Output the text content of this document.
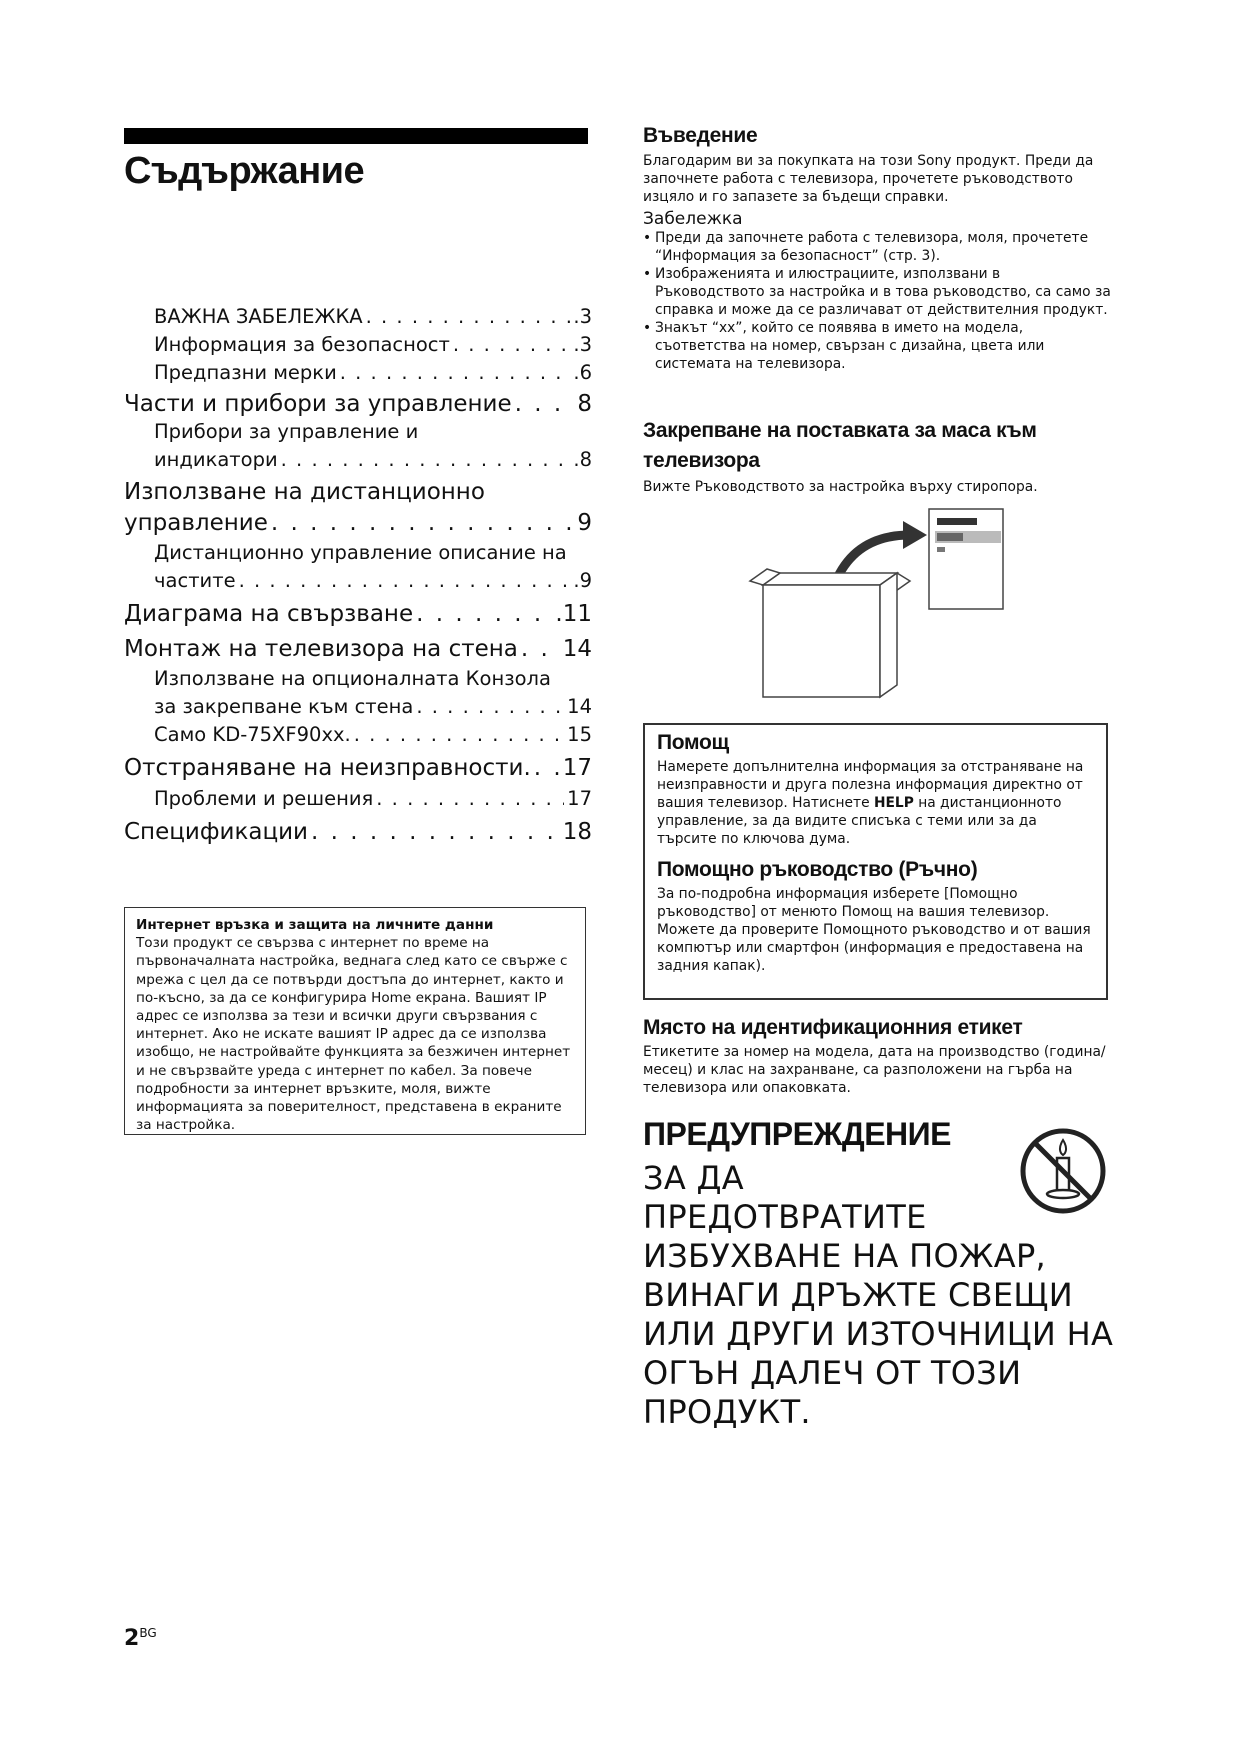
Съдържание
ВАЖНА ЗАБЕЛЕЖКА . . .	.3
Информация за безопасност . . .	.3
Предпазни мерки . . .	.6
Части и прибори за управление . . .	8
Прибори за управление и
индикатори . . .	.8
Използване на дистанционно
управление . . .	9
Дистанционно управление описание на
частите . . .	.9
Диаграма на свързване . . .	.11
Монтаж на телевизора на стена . . . 14
Използване на опционалната Конзола
за закрепване към стена . . .	14
Само KD-75XF90xx. . . .	15
Отстраняване на неизправности. . . . 17
Проблеми и решения . . .	17
Спецификации . . .	18
Интернет връзка и защита на личните данни
Този продукт се свързва с интернет по време на първоначалната настройка, веднага след като се свърже с мрежа с цел да се потвърди достъпа до интернет, както и по-късно, за да се конфигурира Home екрана. Вашият IP адрес се използва за тези и всички други свързвания с интернет. Ако не искате вашият IP адрес да се използва изобщо, не настройвайте функцията за безжичен интернет и не свързвайте уреда с интернет по кабел. За повече подробности за интернет връзките, моля, вижте информацията за поверителност, представена в екраните за настройка.
$2^{BG}$
Въведение
Благодарим ви за покупката на този Sony продукт. Преди да започнете работа с телевизора, прочетете ръководството изцяло и го запазете за бъдещи справки.
Забележка
• Преди да започнете работа с телевизора, моля, прочетете “Информация за безопасност” (стр. 3).
• Изображенията и илюстрациите, използвани в Ръководството за настройка и в това ръководство, са само за справка и може да се различават от действителния продукт.
• Знакът “xx”, който се появява в името на модела, съответства на номер, свързан с дизайна, цвета или системата на телевизора.
Закрепване на поставката за маса към телевизора
Вижте Ръководството за настройка върху стиропора.
Помощ
Намерете допълнителна информация за отстраняване на неизправности и друга полезна информация директно от вашия телевизор. Натиснете HELP на дистанционното управление, за да видите списъка с теми или за да търсите по ключова дума.
Помощно ръководство (Ръчно)
За по-подробна информация изберете [Помощно ръководство] от менюто Помощ на вашия телевизор. Можете да проверите Помощното ръководство и от вашия компютър или смартфон (информация е предоставена на задния капак).
Място на идентификационния етикет
Етикетите за номер на модела, дата на производство (година/месец) и клас на захранване, са разположени на гърба на телевизора или опаковката.
ПРЕДУПРЕЖДЕНИЕ
ЗА ДА
ПРЕДОТВРАТИТЕ
ИЗБУХВАНЕ НА ПОЖАР,
ВИНАГИ ДРЪЖТЕ СВЕЩИ
ИЛИ ДРУГИ ИЗТОЧНИЦИ НА
ОГЪН ДАЛЕЧ ОТ ТОЗИ
ПРОДУКТ.
